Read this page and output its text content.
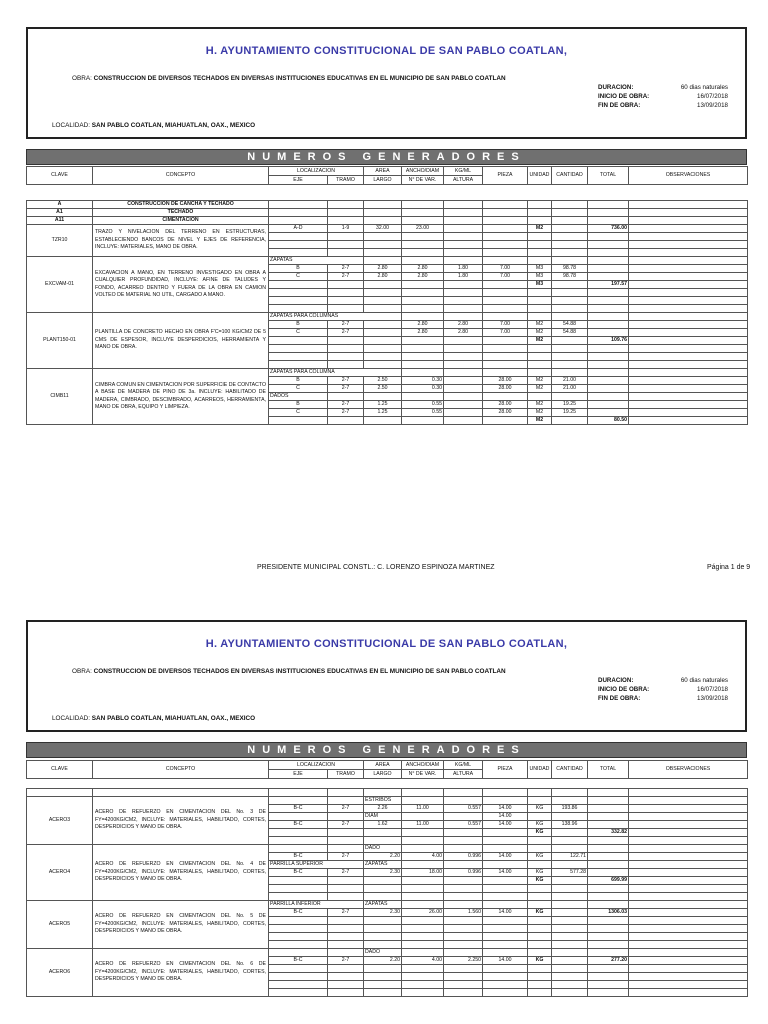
H. AYUNTAMIENTO CONSTITUCIONAL DE SAN PABLO COATLAN,
OBRA: CONSTRUCCION DE DIVERSOS TECHADOS EN DIVERSAS INSTITUCIONES EDUCATIVAS EN EL MUNICIPIO DE SAN PABLO COATLAN
DURACION:	60 dias naturales
INICIO DE OBRA:	16/07/2018
FIN DE OBRA:	13/09/2018
LOCALIDAD: SAN PABLO COATLAN, MIAHUATLAN, OAX., MEXICO
NUMEROS GENERADORES
CLAVE	CONCEPTO	LOCALIZACION		AREA	ANCHO/DIAM	KG/ML	PIEZA	UNIDAD	CANTIDAD	TOTAL	OBSERVACIONES
		EJE	TRAMO	LARGO	N° DE VAR.	ALTURA					
A	CONSTRUCCION DE CANCHA Y TECHADO										
A1	TECHADO										
A11	CIMENTACION										
TZR10	TRAZO Y NIVELACION DEL TERRENO EN ESTRUCTURAS, ESTABLECIENDO BANCOS DE NIVEL Y EJES DE REFERENCIA, INCLUYE: MATERIALES, MANO DE OBRA.	A-D	1-9	32.00	23.00			M2		736.00	

EXCVAM-01	EXCAVACION A MANO, EN TERRENO INVESTIGADO EN OBRA A CUALQUIER PROFUNDIDAD, INCLUYE: AFINE DE TALUDES Y FONDO, ACARREO DENTRO Y FUERA DE LA OBRA EN CAMION VOLTEO DE MATERIAL NO UTIL, CARGADO A MANO.	ZAPATAS									
		B	2-7	2.80	2.80	1.80	7.00	M3	98.78		
		C	2-7	2.80	2.80	1.80	7.00	M3	98.78		
								M3		197.57	

PLANT150-01	PLANTILLA DE CONCRETO HECHO EN OBRA F'C=100 KG/CM2 DE 5 CMS DE ESPESOR, INCLUYE DESPERDICIOS, HERRAMIENTA Y MANO DE OBRA.	ZAPATAS PARA COLUMNAS									
		B	2-7		2.80	2.80	7.00	M2	54.88		
		C	2-7		2.80	2.80	7.00	M2	54.88		
								M2		109.76	

CIMB11	CIMBRA COMUN EN CIMENTACION POR SUPERFICIE DE CONTACTO A BASE DE MADERA DE PINO DE 3a. INCLUYE: HABILITADO DE MADERA, CIMBRADO, DESCIMBRADO, ACARREOS, HERRAMIENTA, MANO DE OBRA, EQUIPO Y LIMPIEZA.	ZAPATAS PARA COLUMNA									
		B	2-7	2.50	0.30		28.00	M2	21.00		
		C	2-7	2.50	0.30		28.00	M2	21.00		
		DADOS									
		B	2-7	1.25	0.55		28.00	M2	19.25		
		C	2-7	1.25	0.55		28.00	M2	19.25		
								M2		80.50	
PRESIDENTE MUNICIPAL CONSTL.: C. LORENZO ESPINOZA MARTINEZ	Página 1 de 9
H. AYUNTAMIENTO CONSTITUCIONAL DE SAN PABLO COATLAN,
OBRA: CONSTRUCCION DE DIVERSOS TECHADOS EN DIVERSAS INSTITUCIONES EDUCATIVAS EN EL MUNICIPIO DE SAN PABLO COATLAN
DURACION:	60 dias naturales
INICIO DE OBRA:	16/07/2018
FIN DE OBRA:	13/09/2018
LOCALIDAD: SAN PABLO COATLAN, MIAHUATLAN, OAX., MEXICO
NUMEROS GENERADORES
CLAVE	CONCEPTO	LOCALIZACION		AREA	ANCHO/DIAM	KG/ML	PIEZA	UNIDAD	CANTIDAD	TOTAL	OBSERVACIONES
		EJE	TRAMO	LARGO	N° DE VAR.	ALTURA					

ACERO3	ACERO DE REFUERZO EN CIMENTACION DEL No. 3 DE FY=4200KG/CM2, INCLUYE: MATERIALES, HABILITADO, CORTES, DESPERDICIOS Y MANO DE OBRA.			ESTRIBOS							
		B-C	2-7	2.26	11.00	0.557	14.00	KG	193.86		
				DIAM			14.00				
		B-C	2-7	1.62	11.00	0.557	14.00	KG	138.96		
								KG		332.82	

ACERO4	ACERO DE REFUERZO EN CIMENTACION DEL No. 4 DE FY=4200KG/CM2, INCLUYE: MATERIALES, HABILITADO, CORTES, DESPERDICIOS Y MANO DE OBRA.			DADO							
		B-C	2-7	2.20	4.00	0.996	14.00	KG	122.71		
		PARRILLA SUPERIOR		ZAPATAS							
		B-C	2-7	2.30	18.00	0.996	14.00	KG	577.28		
								KG		699.99	

ACERO5	ACERO DE REFUERZO EN CIMENTACION DEL No. 5 DE FY=4200KG/CM2, INCLUYE: MATERIALES, HABILITADO, CORTES, DESPERDICIOS Y MANO DE OBRA.	PARRILLA INFERIOR		ZAPATAS							
		B-C	2-7	2.30	26.00	1.560	14.00	KG		1306.03	

ACERO6	ACERO DE REFUERZO EN CIMENTACION DEL No. 6 DE FY=4200KG/CM2, INCLUYE: MATERIALES, HABILITADO, CORTES, DESPERDICIOS Y MANO DE OBRA.			DADO							
		B-C	2-7	2.20	4.00	2.250	14.00	KG		277.20	
